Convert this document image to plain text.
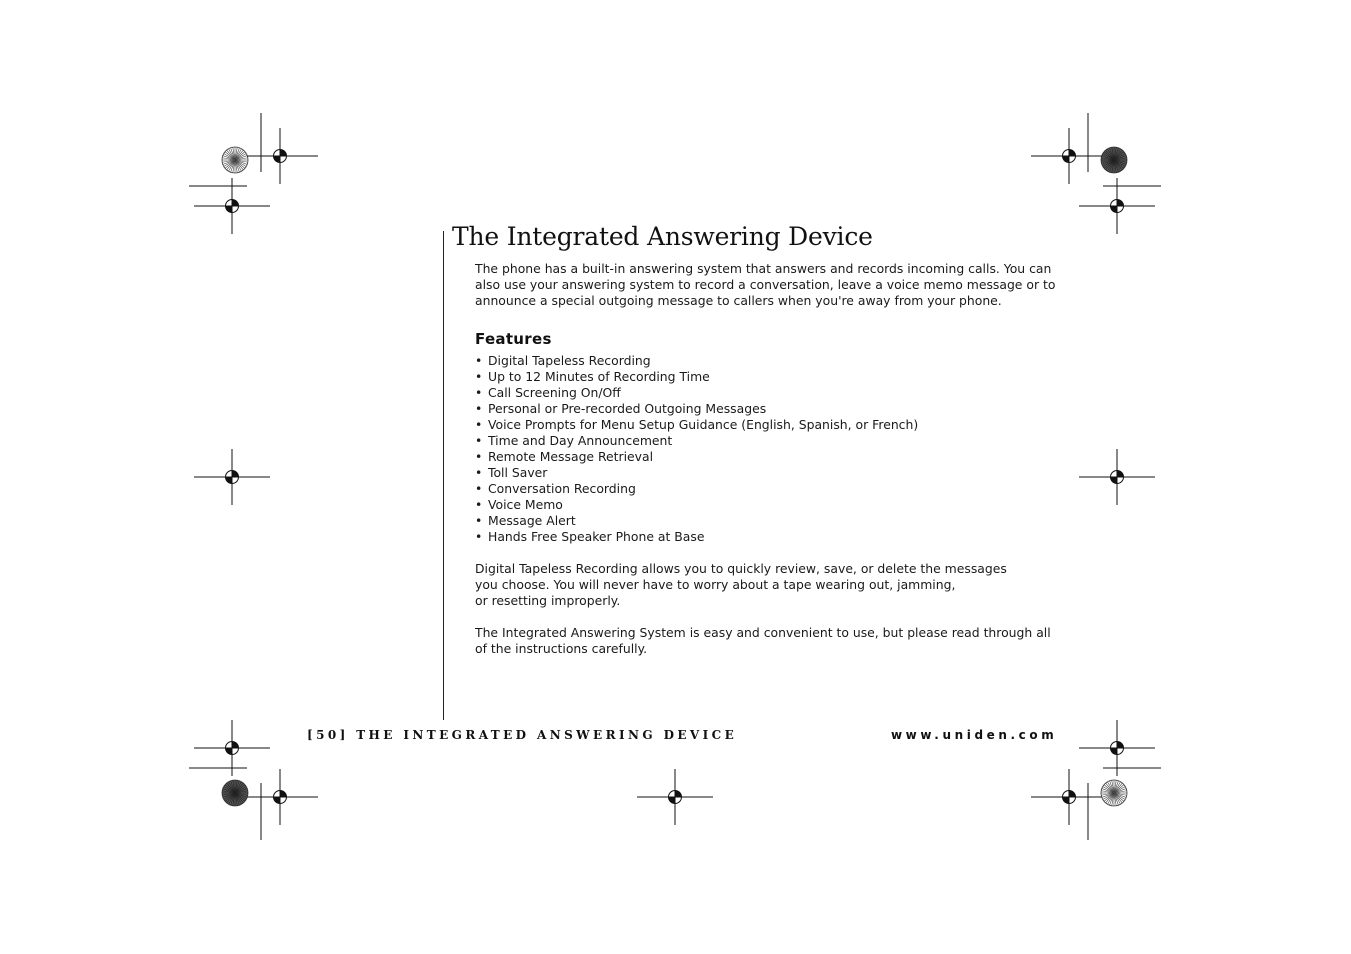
The Integrated Answering Device
The phone has a built-in answering system that answers and records incoming calls. You can
also use your answering system to record a conversation, leave a voice memo message or to
announce a special outgoing message to callers when you're away from your phone.
Features
• Digital Tapeless Recording
• Up to 12 Minutes of Recording Time
• Call Screening On/Off
• Personal or Pre-recorded Outgoing Messages
• Voice Prompts for Menu Setup Guidance (English, Spanish, or French)
• Time and Day Announcement
• Remote Message Retrieval
• Toll Saver
• Conversation Recording
• Voice Memo
• Message Alert
• Hands Free Speaker Phone at Base
Digital Tapeless Recording allows you to quickly review, save, or delete the messages
you choose. You will never have to worry about a tape wearing out, jamming,
or resetting improperly.
The Integrated Answering System is easy and convenient to use, but please read through all
of the instructions carefully.
[50] THE INTEGRATED ANSWERING DEVICE	www.uniden.com
